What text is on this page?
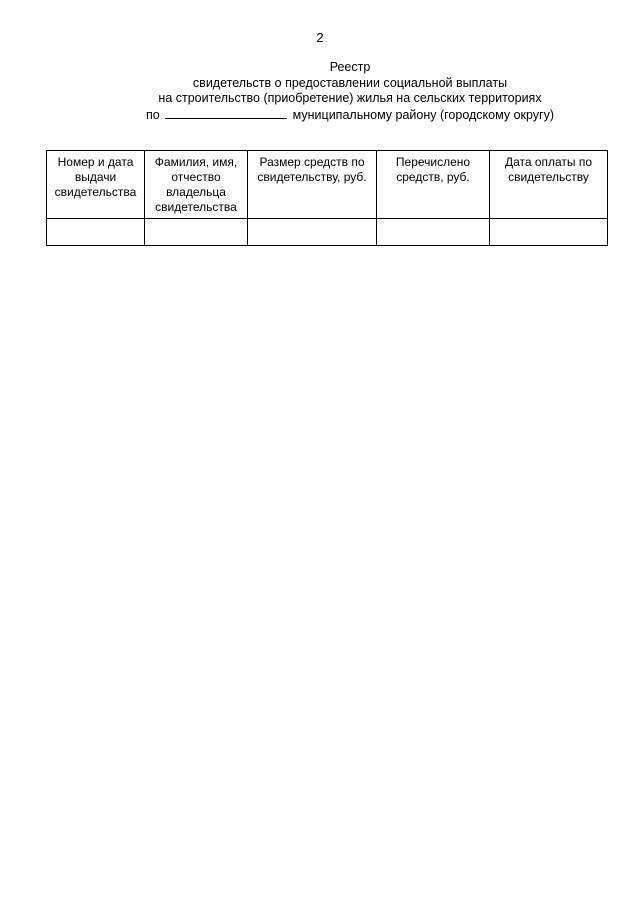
2
Реестр
свидетельств о предоставлении социальной выплаты
на строительство (приобретение) жилья на сельских территориях
по	муниципальному району (городскому округу)
Номер и дата выдачи свидетельства	Фамилия, имя, отчество владельца свидетельства	Размер средств по свидетельству, руб.	Перечислено средств, руб.	Дата оплаты по свидетельству
